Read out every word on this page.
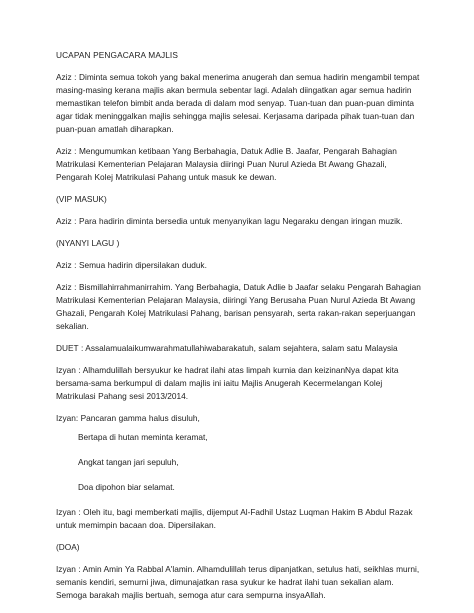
UCAPAN PENGACARA MAJLIS

Aziz : Diminta semua tokoh yang bakal menerima anugerah dan semua hadirin mengambil tempat masing-masing kerana majlis akan bermula sebentar lagi. Adalah diingatkan agar semua hadirin memastikan telefon bimbit anda berada di dalam mod senyap. Tuan-tuan dan puan-puan diminta agar tidak meninggalkan majlis sehingga majlis selesai. Kerjasama daripada pihak tuan-tuan dan puan-puan amatlah diharapkan.

Aziz : Mengumumkan ketibaan Yang Berbahagia, Datuk Adlie B. Jaafar, Pengarah Bahagian Matrikulasi Kementerian Pelajaran Malaysia diiringi Puan Nurul Azieda Bt Awang Ghazali, Pengarah Kolej Matrikulasi Pahang untuk masuk ke dewan.

(VIP MASUK)

Aziz : Para hadirin diminta bersedia untuk menyanyikan lagu Negaraku dengan iringan muzik.

(NYANYI LAGU )

Aziz : Semua hadirin dipersilakan duduk.

Aziz : Bismillahirrahmanirrahim. Yang Berbahagia, Datuk Adlie b Jaafar selaku Pengarah Bahagian Matrikulasi Kementerian Pelajaran Malaysia, diiringi Yang Berusaha Puan Nurul Azieda Bt Awang Ghazali, Pengarah Kolej Matrikulasi Pahang, barisan pensyarah, serta rakan-rakan seperjuangan sekalian.

DUET : Assalamualaikumwarahmatullahiwabarakatuh, salam sejahtera, salam satu Malaysia

Izyan : Alhamdulillah bersyukur ke hadrat ilahi atas limpah kurnia dan keizinanNya dapat kita bersama-sama berkumpul di dalam majlis ini iaitu Majlis Anugerah Kecermelangan Kolej Matrikulasi Pahang sesi 2013/2014.

Izyan: Pancaran gamma halus disuluh,

Bertapa di hutan meminta keramat,
Angkat tangan jari sepuluh,
Doa dipohon biar selamat.

Izyan : Oleh itu, bagi memberkati majlis, dijemput Al-Fadhil Ustaz Luqman Hakim B Abdul Razak untuk memimpin bacaan doa. Dipersilakan.

(DOA)

Izyan : Amin Amin Ya Rabbal A'lamin. Alhamdulillah terus dipanjatkan, setulus hati, seikhlas murni, semanis kendiri, semurni jiwa, dimunajatkan rasa syukur ke hadrat ilahi tuan sekalian alam. Semoga barakah majlis bertuah, semoga atur cara sempurna insyaAllah.
